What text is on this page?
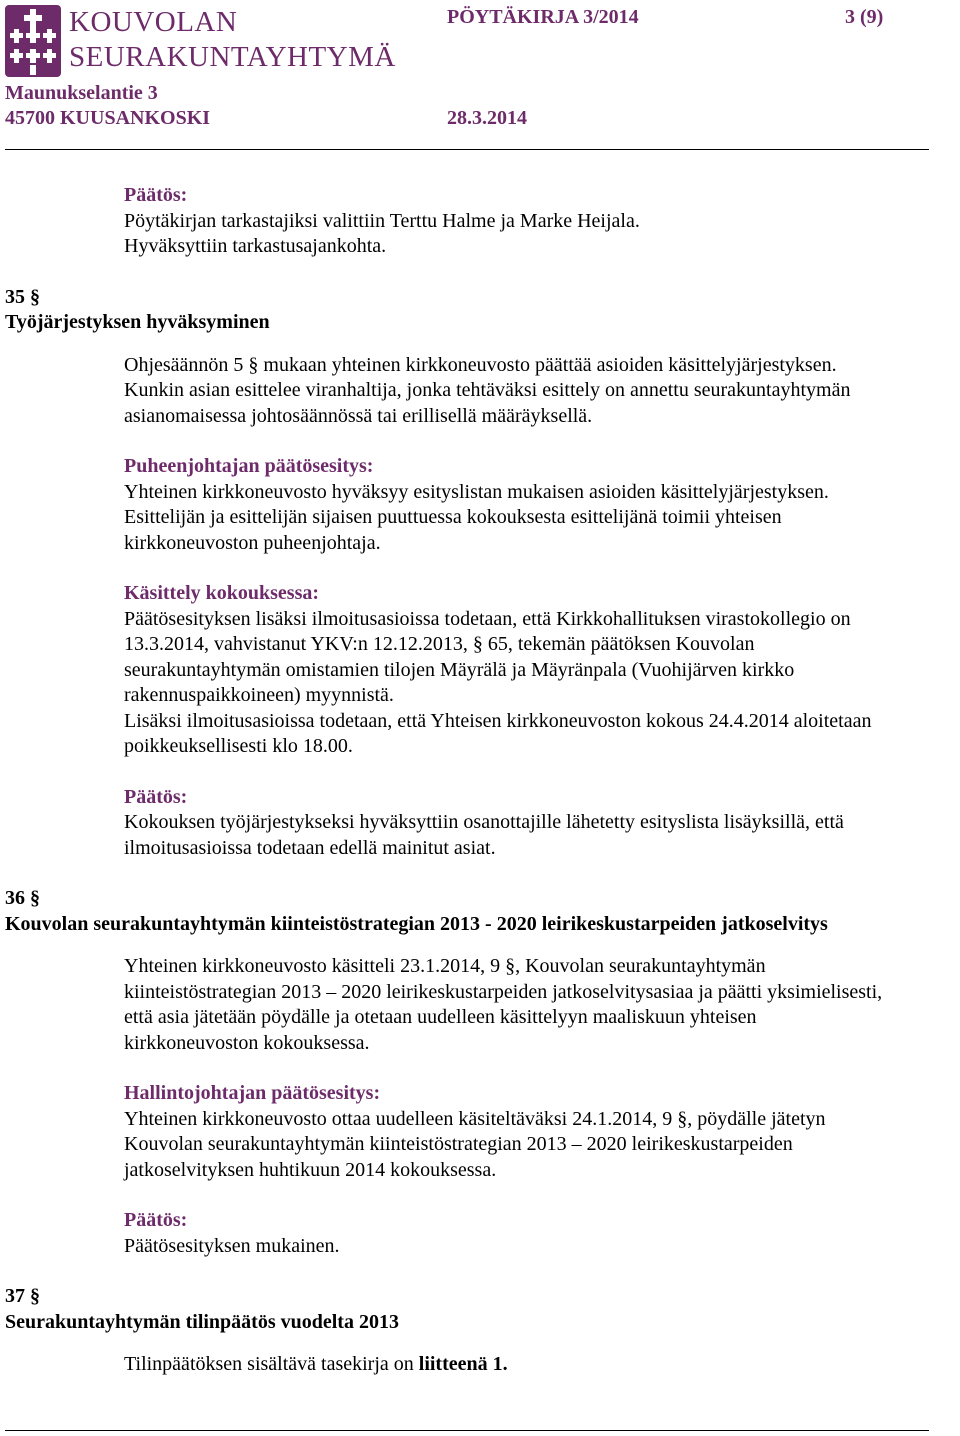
KOUVOLAN
SEURAKUNTAYHTYMÄ
PÖYTÄKIRJA 3/2014	3 (9)
Maunukselantie 3
45700 KUUSANKOSKI	28.3.2014
Päätös:
Pöytäkirjan tarkastajiksi valittiin Terttu Halme ja Marke Heijala.
Hyväksyttiin tarkastusajankohta.
35 §
Työjärjestyksen hyväksyminen
Ohjesäännön 5 § mukaan yhteinen kirkkoneuvosto päättää asioiden käsittelyjärjestyksen.
Kunkin asian esittelee viranhaltija, jonka tehtäväksi esittely on annettu seurakuntayhtymän
asianomaisessa johtosäännössä tai erillisellä määräyksellä.
Puheenjohtajan päätösesitys:
Yhteinen kirkkoneuvosto hyväksyy esityslistan mukaisen asioiden käsittelyjärjestyksen.
Esittelijän ja esittelijän sijaisen puuttuessa kokouksesta esittelijänä toimii yhteisen
kirkkoneuvoston puheenjohtaja.
Käsittely kokouksessa:
Päätösesityksen lisäksi ilmoitusasioissa todetaan, että Kirkkohallituksen virastokollegio on
13.3.2014, vahvistanut YKV:n 12.12.2013, § 65, tekemän päätöksen Kouvolan
seurakuntayhtymän omistamien tilojen Mäyrälä ja Mäyränpala (Vuohijärven kirkko
rakennuspaikkoineen) myynnistä.
Lisäksi ilmoitusasioissa todetaan, että Yhteisen kirkkoneuvoston kokous 24.4.2014 aloitetaan
poikkeuksellisesti klo 18.00.
Päätös:
Kokouksen työjärjestykseksi hyväksyttiin osanottajille lähetetty esityslista lisäyksillä, että
ilmoitusasioissa todetaan edellä mainitut asiat.
36 §
Kouvolan seurakuntayhtymän kiinteistöstrategian 2013 - 2020 leirikeskustarpeiden jatkoselvitys
Yhteinen kirkkoneuvosto käsitteli 23.1.2014, 9 §, Kouvolan seurakuntayhtymän
kiinteistöstrategian 2013 – 2020 leirikeskustarpeiden jatkoselvitysasiaa ja päätti yksimielisesti,
että asia jätetään pöydälle ja otetaan uudelleen käsittelyyn maaliskuun yhteisen
kirkkoneuvoston kokouksessa.
Hallintojohtajan päätösesitys:
Yhteinen kirkkoneuvosto ottaa uudelleen käsiteltäväksi 24.1.2014, 9 §, pöydälle jätetyn
Kouvolan seurakuntayhtymän kiinteistöstrategian 2013 – 2020 leirikeskustarpeiden
jatkoselvityksen huhtikuun 2014 kokouksessa.
Päätös:
Päätösesityksen mukainen.
37 §
Seurakuntayhtymän tilinpäätös vuodelta 2013
Tilinpäätöksen sisältävä tasekirja on liitteenä 1.
